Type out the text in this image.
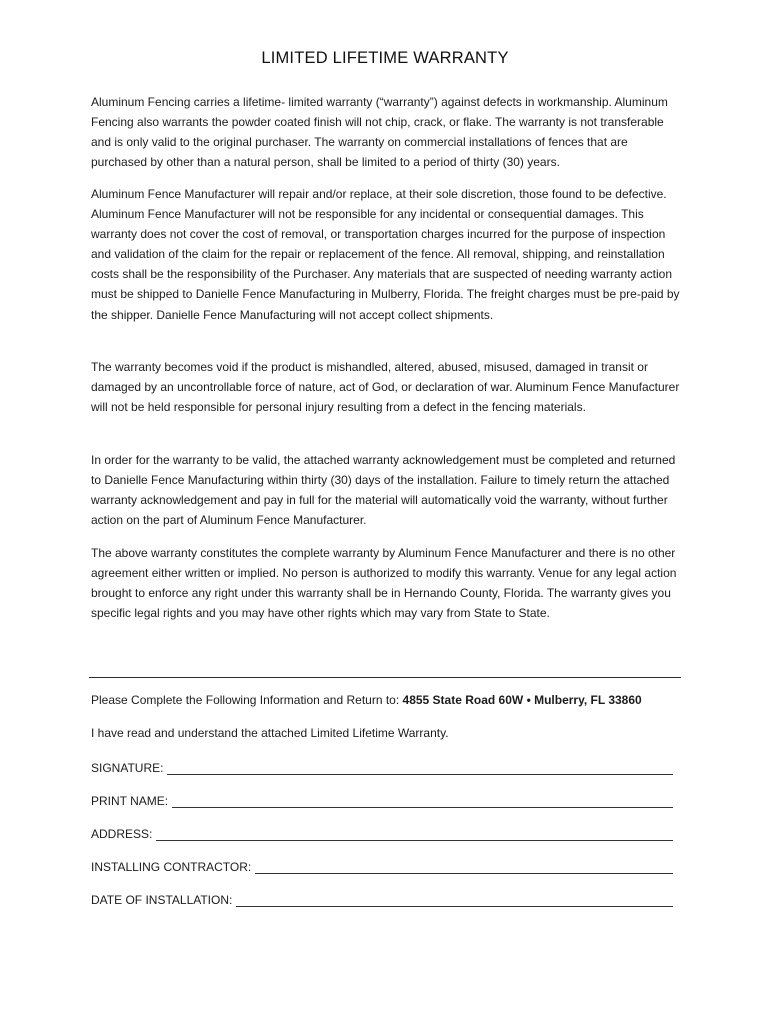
LIMITED LIFETIME WARRANTY

Aluminum Fencing carries a lifetime- limited warranty (“warranty”) against defects in workmanship. Aluminum Fencing also warrants the powder coated finish will not chip, crack, or flake. The warranty is not transferable and is only valid to the original purchaser. The warranty on commercial installations of fences that are purchased by other than a natural person, shall be limited to a period of thirty (30) years.

Aluminum Fence Manufacturer will repair and/or replace, at their sole discretion, those found to be defective. Aluminum Fence Manufacturer will not be responsible for any incidental or consequential damages. This warranty does not cover the cost of removal, or transportation charges incurred for the purpose of inspection and validation of the claim for the repair or replacement of the fence. All removal, shipping, and reinstallation costs shall be the responsibility of the Purchaser. Any materials that are suspected of needing warranty action must be shipped to Danielle Fence Manufacturing in Mulberry, Florida. The freight charges must be pre-paid by the shipper. Danielle Fence Manufacturing will not accept collect shipments.

The warranty becomes void if the product is mishandled, altered, abused, misused, damaged in transit or damaged by an uncontrollable force of nature, act of God, or declaration of war. Aluminum Fence Manufacturer will not be held responsible for personal injury resulting from a defect in the fencing materials.

In order for the warranty to be valid, the attached warranty acknowledgement must be completed and returned to Danielle Fence Manufacturing within thirty (30) days of the installation. Failure to timely return the attached warranty acknowledgement and pay in full for the material will automatically void the warranty, without further action on the part of Aluminum Fence Manufacturer.

The above warranty constitutes the complete warranty by Aluminum Fence Manufacturer and there is no other agreement either written or implied. No person is authorized to modify this warranty. Venue for any legal action brought to enforce any right under this warranty shall be in Hernando County, Florida. The warranty gives you specific legal rights and you may have other rights which may vary from State to State.

Please Complete the Following Information and Return to: 4855 State Road 60W • Mulberry, FL 33860
I have read and understand the attached Limited Lifetime Warranty.
SIGNATURE:
PRINT NAME:
ADDRESS:
INSTALLING CONTRACTOR:
DATE OF INSTALLATION:
